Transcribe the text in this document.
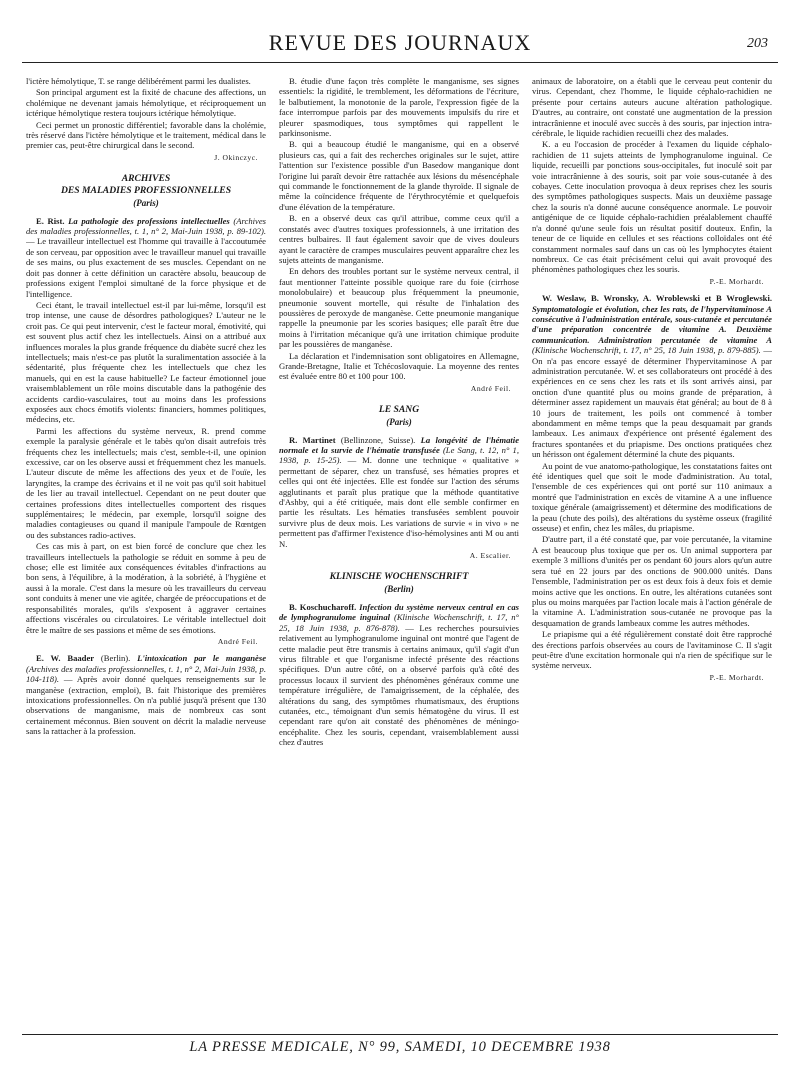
REVUE DES JOURNAUX	203

l'ictère hémolytique, T. se range délibérément parmi les dualistes.

Son principal argument est la fixité de chacune des affections, un cholémique ne devenant jamais hémolytique, et réciproquement un ictérique hémolytique restera toujours ictérique hémolytique.

Ceci permet un pronostic différentiel; favorable dans la cholémie, très réservé dans l'ictère hémolytique et le traitement, médical dans le premier cas, peut-être chirurgical dans le second.

J. Okinczyc.
ARCHIVES
DES MALADIES PROFESSIONNELLES
(Paris)

E. Rist. La pathologie des professions intellectuelles (Archives des maladies professionnelles, t. 1, n° 2, Mai-Juin 1938, p. 89-102). — Le travailleur intellectuel est l'homme qui travaille à l'accoutumée de son cerveau, par opposition avec le travailleur manuel qui travaille de ses mains, ou plus exactement de ses muscles. Cependant on ne doit pas donner à cette définition un caractère absolu, beaucoup de professions exigent l'emploi simultané de la force physique et de l'intelligence.

Ceci étant, le travail intellectuel est-il par lui-même, lorsqu'il est trop intense, une cause de désordres pathologiques? L'auteur ne le croit pas. Ce qui peut intervenir, c'est le facteur moral, émotivité, qui est souvent plus actif chez les intellectuels. Ainsi on a attribué aux influences morales la plus grande fréquence du diabète sucré chez les intellectuels; mais n'est-ce pas plutôt la suralimentation associée à la sédentarité, plus fréquente chez les intellectuels que chez les manuels, qui en est la cause habituelle? Le facteur émotionnel joue vraisemblablement un rôle moins discutable dans la pathogénie des accidents cardio-vasculaires, tout au moins dans les professions exposées aux chocs émotifs violents: financiers, hommes politiques, médecins, etc.

Parmi les affections du système nerveux, R. prend comme exemple la paralysie générale et le tabès qu'on disait autrefois très fréquents chez les intellectuels; mais c'est, semble-t-il, une opinion excessive, car on les observe aussi et fréquemment chez les manuels. L'auteur discute de même les affections des yeux et de l'ouïe, les laryngites, la crampe des écrivains et il ne voit pas qu'il soit habituel de les lier au travail intellectuel. Cependant on ne peut douter que certaines professions dites intellectuelles comportent des risques supplémentaires; le médecin, par exemple, lorsqu'il soigne des maladies contagieuses ou quand il manipule l'ampoule de Rœntgen ou des substances radio-actives.

Ces cas mis à part, on est bien forcé de conclure que chez les travailleurs intellectuels la pathologie se réduit en somme à peu de chose; elle est limitée aux conséquences évitables d'infractions au bon sens, à l'équilibre, à la modération, à la sobriété, à l'hygiène et aussi à la morale. C'est dans la mesure où les travailleurs du cerveau sont conduits à mener une vie agitée, chargée de préoccupations et de responsabilités morales, qu'ils s'exposent à aggraver certaines affections viscérales ou circulatoires. Le véritable intellectuel doit être le maître de ses passions et même de ses émotions.

André Feil.

E. W. Baader (Berlin). L'intoxication par le manganèse (Archives des maladies professionnelles, t. 1, n° 2, Mai-Juin 1938, p. 104-118). — Après avoir donné quelques renseignements sur le manganèse (extraction, emploi), B. fait l'historique des premières intoxications professionnelles. On n'a publié jusqu'à présent que 130 observations de manganisme, mais de nombreux cas sont certainement méconnus. Bien souvent on décrit la maladie nerveuse sans la rattacher à la profession.

B. étudie d'une façon très complète le manganisme, ses signes essentiels: la rigidité, le tremblement, les déformations de l'écriture, le balbutiement, la monotonie de la parole, l'expression figée de la face interrompue parfois par des mouvements impulsifs du rire et pleurer spasmodiques, tous symptômes qui rappellent le parkinsonisme.

B. qui a beaucoup étudié le manganisme, qui en a observé plusieurs cas, qui a fait des recherches originales sur le sujet, attire l'attention sur l'existence possible d'un Basedow manganique dont l'origine lui paraît devoir être rattachée aux lésions du mésencéphale qui commande le fonctionnement de la glande thyroïde. Il signale de même la coïncidence fréquente de l'érythrocytémie et quelquefois d'une élévation de la température.

B. en a observé deux cas qu'il attribue, comme ceux qu'il a constatés avec d'autres toxiques professionnels, à une irritation des centres bulbaires. Il faut également savoir que de vives douleurs ayant le caractère de crampes musculaires peuvent apparaître chez les sujets atteints de manganisme.

En dehors des troubles portant sur le système nerveux central, il faut mentionner l'atteinte possible quoique rare du foie (cirrhose monolobulaire) et beaucoup plus fréquemment la pneumonie, pneumonie souvent mortelle, qui résulte de l'inhalation des poussières de peroxyde de manganèse. Cette pneumonie manganique rappelle la pneumonie par les scories basiques; elle paraît être due moins à l'irritation mécanique qu'à une irritation chimique produite par les poussières de manganèse.

La déclaration et l'indemnisation sont obligatoires en Allemagne, Grande-Bretagne, Italie et Tchécoslovaquie. La moyenne des rentes est évaluée entre 80 et 100 pour 100.

André Feil.
LE SANG
(Paris)

R. Martinet (Bellinzone, Suisse). La longévité de l'hématie normale et la survie de l'hématie transfusée (Le Sang, t. 12, n° 1, 1938, p. 15-25). — M. donne une technique « qualitative » permettant de séparer, chez un transfusé, ses hématies propres et celles qui ont été injectées. Elle est fondée sur l'action des sérums agglutinants et paraît plus pratique que la méthode quantitative d'Ashby, qui a été critiquée, mais dont elle semble confirmer en partie les résultats. Les hématies transfusées semblent pouvoir survivre plus de deux mois. Les variations de survie « in vivo » ne permettent pas d'affirmer l'existence d'iso-hémolysines anti M ou anti N.

A. Escalier.
KLINISCHE WOCHENSCHRIFT
(Berlin)

B. Koschucharoff. Infection du système nerveux central en cas de lymphogranulome inguinal (Klinische Wochenschrift, t. 17, n° 25, 18 Juin 1938, p. 876-878). — Les recherches poursuivies relativement au lymphogranulome inguinal ont montré que l'agent de cette maladie peut être transmis à certains animaux, qu'il s'agit d'un virus filtrable et que l'organisme infecté présente des réactions spécifiques. D'un autre côté, on a observé parfois qu'à côté des processus locaux il survient des phénomènes généraux comme une température irrégulière, de l'amaigrissement, de la céphalée, des altérations du sang, des symptômes rhumatismaux, des éruptions cutanées, etc., témoignant d'un semis hématogène du virus. Il est cependant rare qu'on ait constaté des phénomènes de méningo-encéphalite. Chez les souris, cependant, vraisemblablement aussi chez d'autres

animaux de laboratoire, on a établi que le cerveau peut contenir du virus. Cependant, chez l'homme, le liquide céphalo-rachidien ne présente pour certains auteurs aucune altération pathologique. D'autres, au contraire, ont constaté une augmentation de la pression intracrânienne et inoculé avec succès à des souris, par injection intra-cérébrale, le liquide rachidien recueilli chez des malades.

K. a eu l'occasion de procéder à l'examen du liquide céphalo-rachidien de 11 sujets atteints de lymphogranulome inguinal. Ce liquide, recueilli par ponctions sous-occipitales, fut inoculé soit par voie intracrânienne à des souris, soit par voie sous-cutanée à des cobayes. Cette inoculation provoqua à deux reprises chez les souris des symptômes pathologiques suspects. Mais un deuxième passage chez la souris n'a donné aucune conséquence anormale. Le pouvoir antigénique de ce liquide céphalo-rachidien préalablement chauffé n'a donné qu'une seule fois un résultat positif douteux. Enfin, la teneur de ce liquide en cellules et ses réactions colloïdales ont été constamment normales sauf dans un cas où les lymphocytes étaient nombreux. Ce cas était précisément celui qui avait provoqué des phénomènes pathologiques chez les souris.

P.-E. Morhardt.

W. Weslaw, B. Wronsky, A. Wroblewski et B Wroglewski. Symptomatologie et évolution, chez les rats, de l'hypervitaminose A consécutive à l'administration entérale, sous-cutanée et percutanée d'une préparation concentrée de vitamine A. Deuxième communication. Administration percutanée de vitamine A (Klinische Wochenschrift, t. 17, n° 25, 18 Juin 1938, p. 879-885). — On n'a pas encore essayé de déterminer l'hypervitaminose A par administration percutanée. W. et ses collaborateurs ont procédé à des expériences en ce sens chez les rats et ils sont arrivés ainsi, par onction d'une quantité plus ou moins grande de préparation, à déterminer assez rapidement un mauvais état général; au bout de 8 à 10 jours de traitement, les poils ont commencé à tomber abondamment en même temps que la peau desquamait par grands lambeaux. Les animaux d'expérience ont présenté également des fractures spontanées et du priapisme. Des onctions pratiquées chez un hérisson ont également déterminé la chute des piquants.

Au point de vue anatomo-pathologique, les constatations faites ont été identiques quel que soit le mode d'administration. Au total, l'ensemble de ces expériences qui ont porté sur 110 animaux a montré que l'administration en excès de vitamine A a une influence toxique générale (amaigrissement) et détermine des modifications de la peau (chute des poils), des altérations du système osseux (fragilité osseuse) et enfin, chez les mâles, du priapisme.

D'autre part, il a été constaté que, par voie percutanée, la vitamine A est beaucoup plus toxique que per os. Un animal supportera par exemple 3 millions d'unités per os pendant 60 jours alors qu'un autre sera tué en 22 jours par des onctions de 900.000 unités. Dans l'ensemble, l'administration per os est deux fois à deux fois et demie moins active que les onctions. En outre, les altérations cutanées sont plus ou moins marquées par l'action locale mais à l'action générale de la vitamine A. L'administration sous-cutanée ne provoque pas la desquamation de grands lambeaux comme les autres méthodes.

Le priapisme qui a été régulièrement constaté doit être rapproché des érections parfois observées au cours de l'avitaminose C. Il s'agit peut-être d'une excitation hormonale qui n'a rien de spécifique sur le système nerveux.

P.-E. Morhardt.
LA PRESSE MEDICALE, N° 99, SAMEDI, 10 DECEMBRE 1938
